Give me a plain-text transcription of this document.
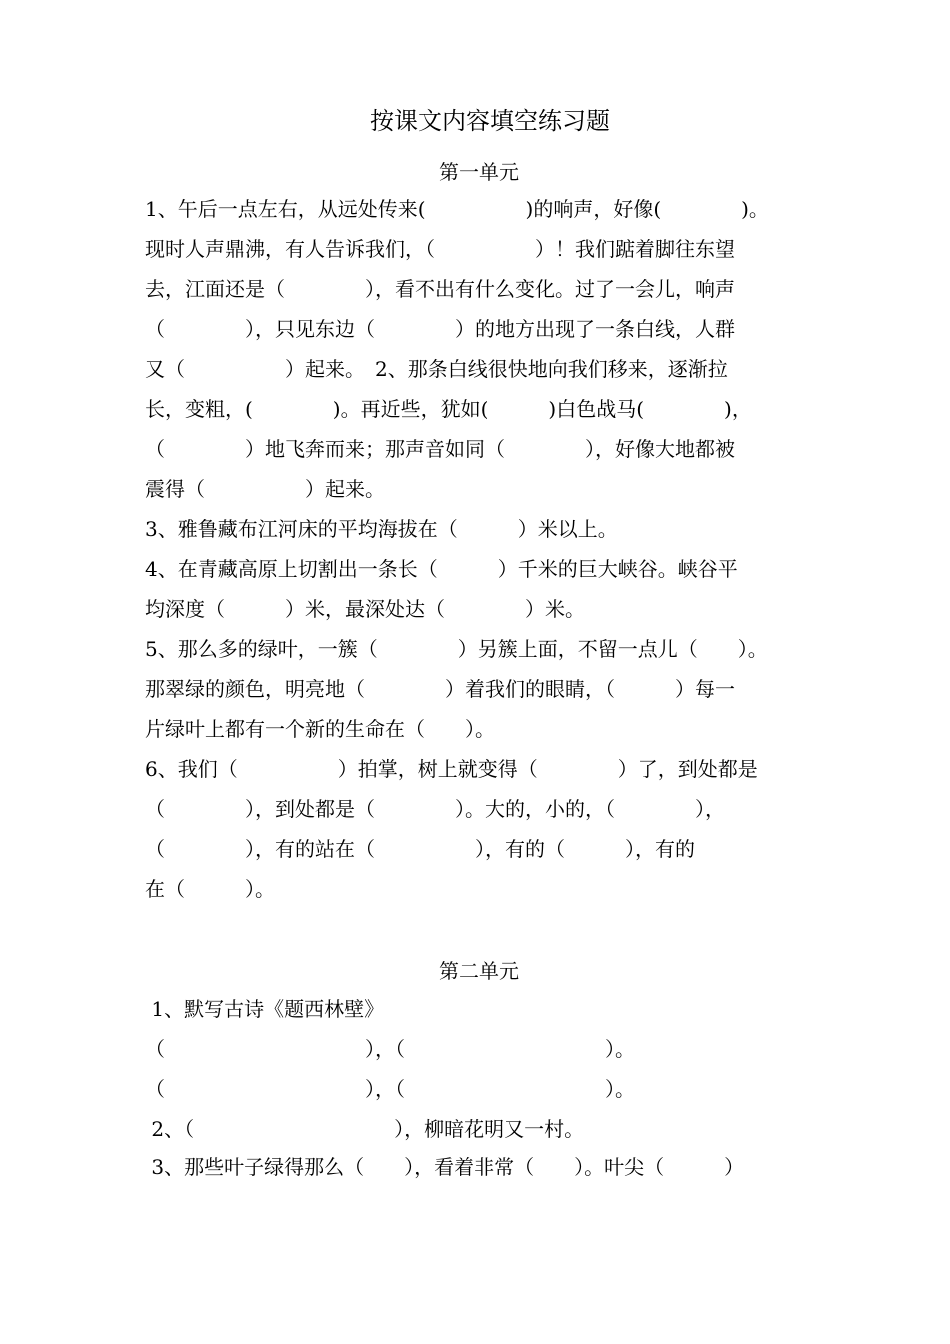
按课文内容填空练习题
第一单元
1、午后一点左右，从远处传来(　　　　　)的响声，好像(　　　　)。
现时人声鼎沸，有人告诉我们，（　　　　　）！我们踮着脚往东望
去，江面还是（　　　　），看不出有什么变化。过了一会儿，响声
（　　　　），只见东边（　　　　）的地方出现了一条白线，人群
又（　　　　　）起来。　2、那条白线很快地向我们移来，逐渐拉
长，变粗，(　　　　)。再近些，犹如(　　　)白色战马(　　　　)，
（　　　　）地飞奔而来；那声音如同（　　　　），好像大地都被
震得（　　　　　）起来。
3、雅鲁藏布江河床的平均海拔在（　　　）米以上。
4、在青藏高原上切割出一条长（　　　）千米的巨大峡谷。峡谷平
均深度（　　　）米，最深处达（　　　　）米。
5、那么多的绿叶，一簇（　　　　）另簇上面，不留一点儿（　　）。
那翠绿的颜色，明亮地（　　　　）着我们的眼睛，（　　　）每一
片绿叶上都有一个新的生命在（　　）。
6、我们（　　　　　）拍掌，树上就变得（　　　　）了，到处都是
（　　　　），到处都是（　　　　）。大的，小的，（　　　　），
（　　　　），有的站在（　　　　　），有的（　　　），有的
在（　　　）。
第二单元
1、默写古诗《题西林壁》
（　　　　　　　　　　），（　　　　　　　　　　）。
（　　　　　　　　　　），（　　　　　　　　　　）。
2、（　　　　　　　　　　），柳暗花明又一村。
3、那些叶子绿得那么（　　），看着非常（　　）。叶尖（　　　）
